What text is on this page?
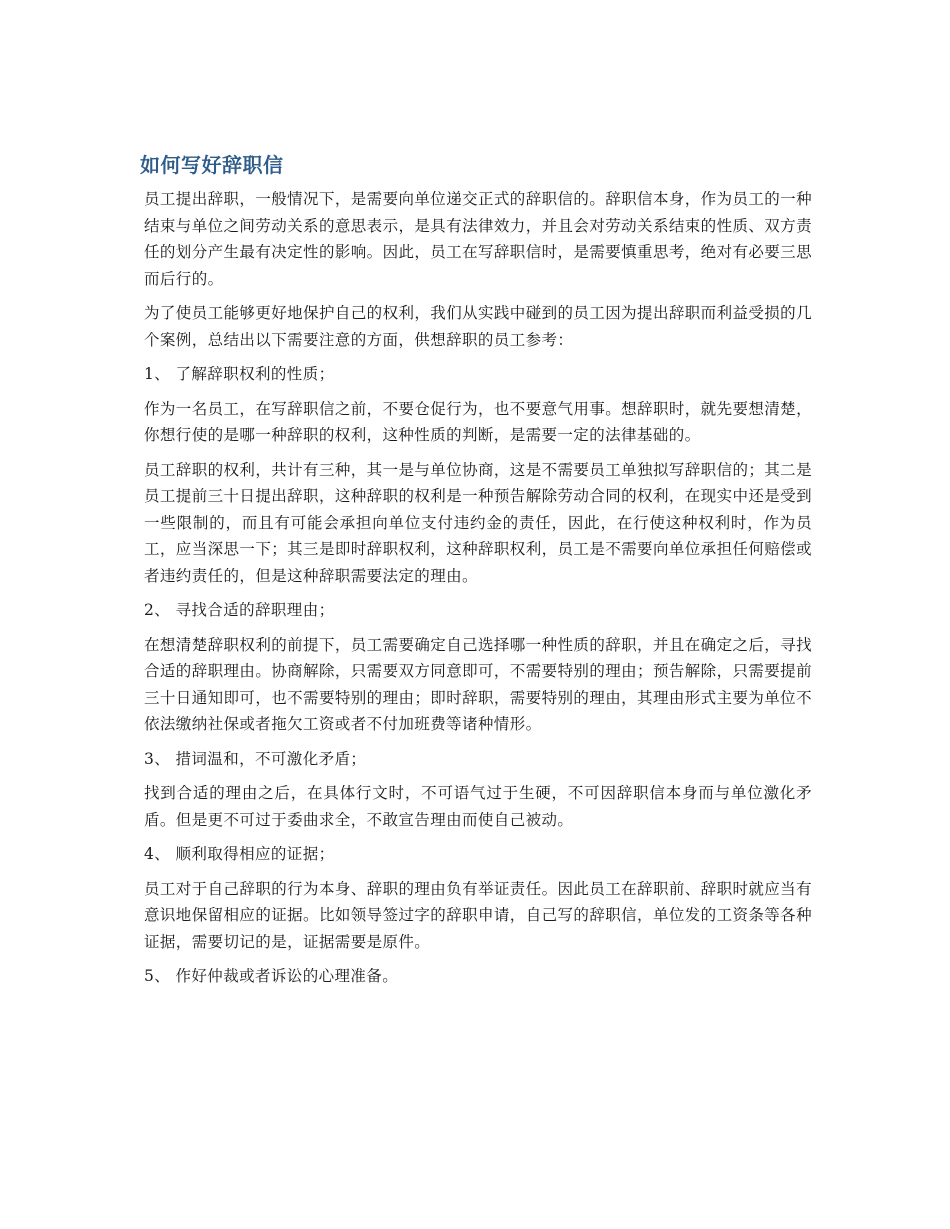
如何写好辞职信

员工提出辞职，一般情况下，是需要向单位递交正式的辞职信的。辞职信本身，作为员工的一种结束与单位之间劳动关系的意思表示，是具有法律效力，并且会对劳动关系结束的性质、双方责任的划分产生最有决定性的影响。因此，员工在写辞职信时，是需要慎重思考，绝对有必要三思而后行的。

为了使员工能够更好地保护自己的权利，我们从实践中碰到的员工因为提出辞职而利益受损的几个案例，总结出以下需要注意的方面，供想辞职的员工参考：

1、 了解辞职权利的性质；

作为一名员工，在写辞职信之前，不要仓促行为，也不要意气用事。想辞职时，就先要想清楚，你想行使的是哪一种辞职的权利，这种性质的判断，是需要一定的法律基础的。

员工辞职的权利，共计有三种，其一是与单位协商，这是不需要员工单独拟写辞职信的；其二是员工提前三十日提出辞职，这种辞职的权利是一种预告解除劳动合同的权利，在现实中还是受到一些限制的，而且有可能会承担向单位支付违约金的责任，因此，在行使这种权利时，作为员工，应当深思一下；其三是即时辞职权利，这种辞职权利，员工是不需要向单位承担任何赔偿或者违约责任的，但是这种辞职需要法定的理由。

2、 寻找合适的辞职理由；

在想清楚辞职权利的前提下，员工需要确定自己选择哪一种性质的辞职，并且在确定之后，寻找合适的辞职理由。协商解除，只需要双方同意即可，不需要特别的理由；预告解除，只需要提前三十日通知即可，也不需要特别的理由；即时辞职，需要特别的理由，其理由形式主要为单位不依法缴纳社保或者拖欠工资或者不付加班费等诸种情形。

3、 措词温和，不可激化矛盾；

找到合适的理由之后，在具体行文时，不可语气过于生硬，不可因辞职信本身而与单位激化矛盾。但是更不可过于委曲求全，不敢宣告理由而使自己被动。

4、 顺利取得相应的证据；

员工对于自己辞职的行为本身、辞职的理由负有举证责任。因此员工在辞职前、辞职时就应当有意识地保留相应的证据。比如领导签过字的辞职申请，自己写的辞职信，单位发的工资条等各种证据，需要切记的是，证据需要是原件。

5、 作好仲裁或者诉讼的心理准备。
